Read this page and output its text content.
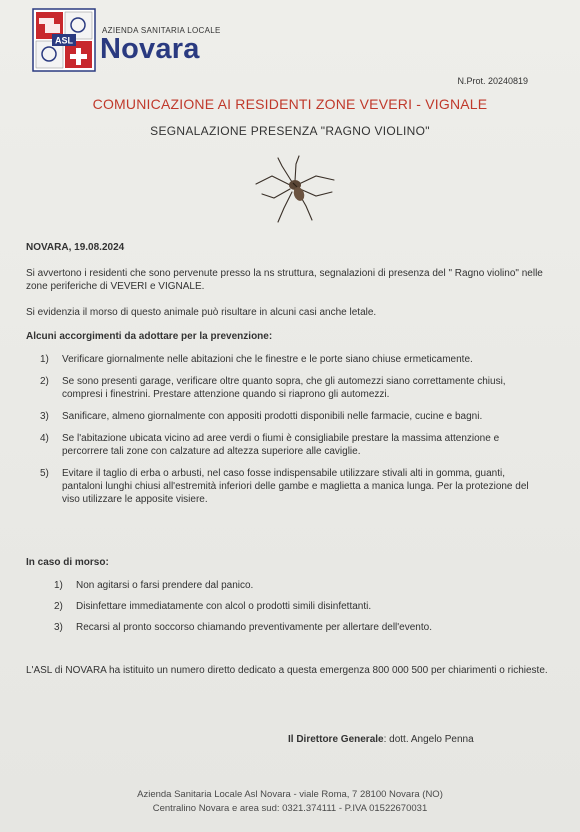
ASL
AZIENDA SANITARIA LOCALE
Novara
N.Prot. 20240819
COMUNICAZIONE AI RESIDENTI ZONE VEVERI - VIGNALE
SEGNALAZIONE PRESENZA "RAGNO VIOLINO"
NOVARA, 19.08.2024
Si avvertono i residenti che sono pervenute presso la ns struttura, segnalazioni di presenza del " Ragno violino" nelle zone periferiche di VEVERI e VIGNALE.
Si evidenzia il morso di questo animale può risultare in alcuni casi anche letale.
Alcuni accorgimenti da adottare per la prevenzione:
1) Verificare giornalmente nelle abitazioni che le finestre e le porte siano chiuse ermeticamente.
2) Se sono presenti garage, verificare oltre quanto sopra, che gli automezzi siano correttamente chiusi, compresi i finestrini. Prestare attenzione quando si riaprono gli automezzi.
3) Sanificare, almeno giornalmente con appositi prodotti disponibili nelle farmacie, cucine e bagni.
4) Se l'abitazione ubicata vicino ad aree verdi o fiumi è consigliabile prestare la massima attenzione e percorrere tali zone con calzature ad altezza superiore alle caviglie.
5) Evitare il taglio di erba o arbusti, nel caso fosse indispensabile utilizzare stivali alti in gomma, guanti, pantaloni lunghi chiusi all'estremità inferiori delle gambe e maglietta a manica lunga. Per la protezione del viso utilizzare le apposite visiere.
In caso di morso:
1) Non agitarsi o farsi prendere dal panico.
2) Disinfettare immediatamente con alcol o prodotti simili disinfettanti.
3) Recarsi al pronto soccorso chiamando preventivamente per allertare dell'evento.
L'ASL di NOVARA ha istituito un numero diretto dedicato a questa emergenza 800 000 500 per chiarimenti o richieste.
Il Direttore Generale: dott. Angelo Penna
Azienda Sanitaria Locale Asl Novara - viale Roma, 7 28100 Novara (NO)
Centralino Novara e area sud: 0321.374111 - P.IVA 01522670031
